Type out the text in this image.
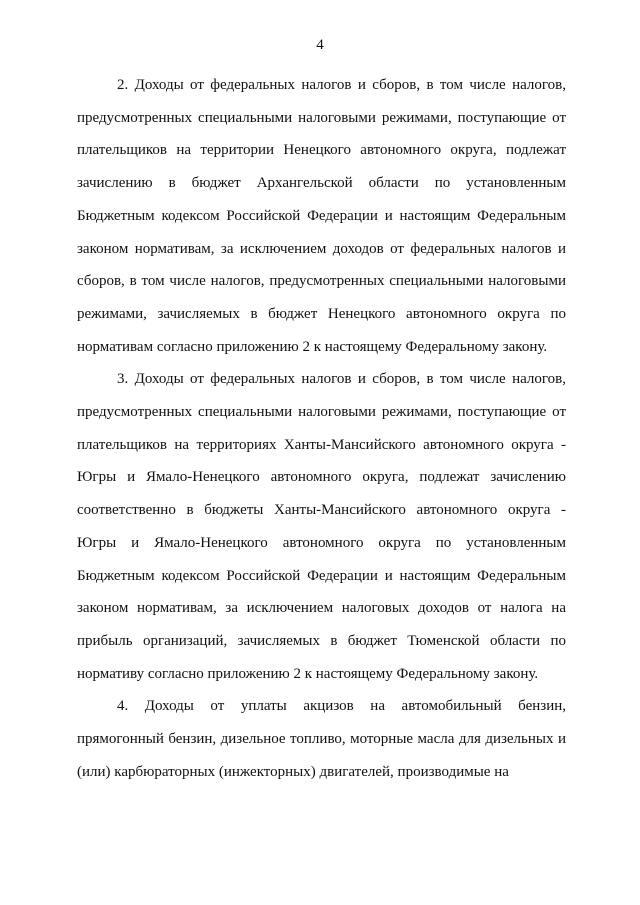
4

2. Доходы от федеральных налогов и сборов, в том числе налогов, предусмотренных специальными налоговыми режимами, поступающие от плательщиков на территории Ненецкого автономного округа, подлежат зачислению в бюджет Архангельской области по установленным Бюджетным кодексом Российской Федерации и настоящим Федеральным законом нормативам, за исключением доходов от федеральных налогов и сборов, в том числе налогов, предусмотренных специальными налоговыми режимами, зачисляемых в бюджет Ненецкого автономного округа по нормативам согласно приложению 2 к настоящему Федеральному закону.

3. Доходы от федеральных налогов и сборов, в том числе налогов, предусмотренных специальными налоговыми режимами, поступающие от плательщиков на территориях Ханты-Мансийского автономного округа - Югры и Ямало-Ненецкого автономного округа, подлежат зачислению соответственно в бюджеты Ханты-Мансийского автономного округа - Югры и Ямало-Ненецкого автономного округа по установленным Бюджетным кодексом Российской Федерации и настоящим Федеральным законом нормативам, за исключением налоговых доходов от налога на прибыль организаций, зачисляемых в бюджет Тюменской области по нормативу согласно приложению 2 к настоящему Федеральному закону.

4. Доходы от уплаты акцизов на автомобильный бензин, прямогонный бензин, дизельное топливо, моторные масла для дизельных и (или) карбюраторных (инжекторных) двигателей, производимые на
